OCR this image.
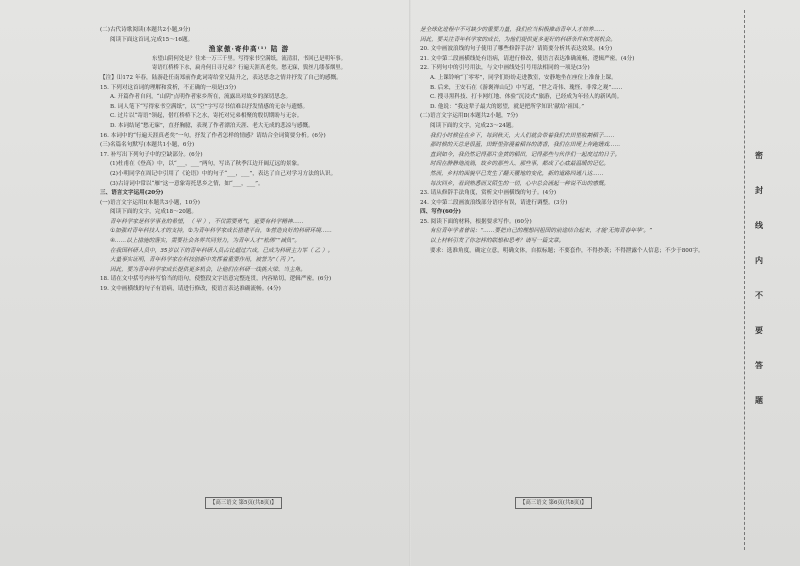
(二)古代诗歌阅读(本题共2小题,9分)
阅读下面这首词,完成15～16题。
渔家傲·寄仲高⁽¹⁾ 陆 游
东望山阴何处是？往来一万三千里。写得家书空满纸，流清泪，书回已是明年事。
寄语红桥桥下水，扁舟何日寻兄弟？行遍天涯真老矣。愁无寐，鬓丝几缕茶烟里。
【注】⑴172 年春，陆游赴任南郑前作此词寄给堂兄陆升之，表达思念之情并抒发了自己的感慨。
15. 下列对这首词的理解和赏析，不正确的一项是(3分)
A. 开篇作者自问，“山阴”点明作者家乡所在，流露出对故乡的深切思念。
B. 词人笔下“写得家书空满纸”，以“空”字写尽书信难以抒发情感的无奈与遗憾。
C. 过片以“寄语”领起，借红桥桥下之水，寄托对兄弟相聚的殷切期盼与无奈。
D. 本词结尾“愁无寐”，直抒胸臆，表现了作者漂泊天涯、老大无成的悲凉与感慨。
16. 本词中的“行遍天涯真老矣”一句，抒发了作者怎样的情感？请结合全词简要分析。(6分)
(三)名篇名句默写(本题共1小题，6分)
17. 补写出下列句子中的空缺部分。(6分)
(1)杜甫在《登高》中，以“___，___”两句，写出了秋季江边开阔辽远的景象。
(2)小明同学在周记中引用了《论语》中的句子“___，___”，表达了自己对学习方法的认识。
(3)古诗词中常以“雁”这一意象寄托思乡之情，如“___，___”。
三、语言文字运用(20分)
(一)语言文字运用Ⅰ(本题共3小题，10分)
阅读下面的文字，完成18～20题。
青年科学家是科学事业的希望，（ 甲 ），不仅需要勇气，更要有科学精神……
①加强对青年科技人才的支持，②为青年科学家成长搭建平台，③营造良好的科研环境……
④……以上措施的落实，需要社会各界共同努力，为青年人才“松绑”“减负”。
在我国科研人员中，35岁以下的青年科研人员占比超过六成，已成为科研主力军（ 乙 ）。
大量事实证明，青年科学家在科技创新中发挥着重要作用，被誉为“（ 丙 ）”。
因此，要为青年科学家成长提供更多机会，让他们在科研一线挑大梁、当主角。
18. 请在文中括号内补写恰当的语句，使整段文字语意完整连贯，内容贴切，逻辑严密。(6分)
19. 文中画横线的句子有语病，请进行修改，使语言表达准确流畅。(4分)
是全球化进程中不可缺少的重要力量，我们应当积极推动青年人才培养……
因此，要关注青年科学家的成长，为他们提供更多更好的科研条件和发展机会。
20. 文中画波浪线的句子使用了哪些修辞手法？请简要分析其表达效果。(4分)
21. 文中第二段画横线处有语病，请进行修改，使语言表达准确流畅，逻辑严密。(4分)
22. 下列句中的引号用法，与文中画线处引号用法相同的一项是(3分)
A. 上课铃响“丁零零”，同学们纷纷走进教室，安静地坐在座位上准备上课。
B. 后来，王安石在《游褒禅山记》中写道，“世之奇伟、瑰怪、非常之观”……
C. 搜寻黑科技、打卡网红地、体验“沉浸式”旅游，已经成为年轻人的新风尚。
D. 他说：“我这辈子最大的愿望，就是把所学知识‘献给’祖国。”
(二)语言文字运用Ⅱ(本题共2小题，7分)
阅读下面的文字，完成23～24题。
我们小时候住在乡下，每到秋天，大人们就会带着我们去田里收割稻子……
那时候的天总是很蓝，田野里弥漫着稻谷的清香，我们在田埂上奔跑嬉戏……
直到如今，我仍然记得那片金黄的稻田，记得那些与伙伴们一起度过的日子。
时间在静静地流淌，故乡的那些人、那些事，都成了心底最温暖的记忆。
然而，乡村的面貌早已发生了翻天覆地的变化，新的道路四通八达……
每次回乡，看到熟悉而又陌生的一切，心中总会涌起一种说不出的感慨。
23. 请从修辞手法角度，赏析文中画横线的句子。(4分)
24. 文中第二段画波浪线部分语序有误，请进行调整。(3分)
四、写作(60分)
25. 阅读下面的材料，根据要求写作。(60分)
有位青年学者曾说：“……要把自己的理想同祖国的前途结合起来，才能‘无悔青春年华’。”
以上材料引发了你怎样的联想和思考？请写一篇文章。
要求：选准角度，确定立意，明确文体，自拟标题；不要套作，不得抄袭；不得泄露个人信息；不少于800字。
【高三语文 第5页(共8页)】	【高三语文 第6页(共8页)】
密
封
线
内
不
要
答
题
